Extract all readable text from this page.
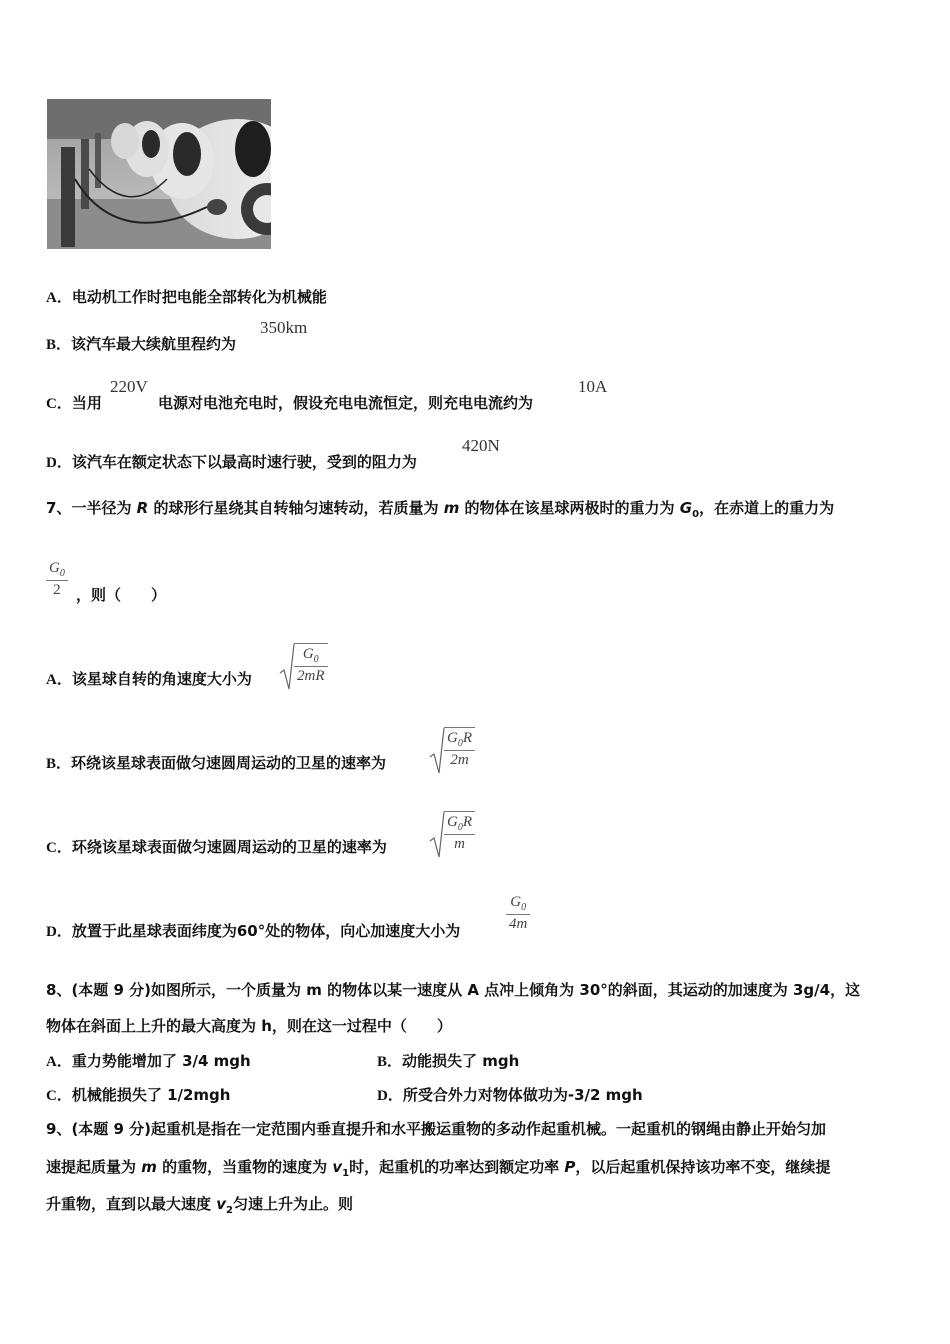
A．电动机工作时把电能全部转化为机械能
B．该汽车最大续航里程约为
350km
C．当用
220V
电源对电池充电时，假设充电电流恒定，则充电电流约为
10A
D．该汽车在额定状态下以最高时速行驶，受到的阻力为
420N
7、一半径为 R 的球形行星绕其自转轴匀速转动，若质量为 m 的物体在该星球两极时的重力为 $G_0$，在赤道上的重力为
$\frac{G_0}{2}$ ，则（　　）
A．该星球自转的角速度大小为	$\frac{G_0}{2mR}$
B．环绕该星球表面做匀速圆周运动的卫星的速率为	$\frac{G_0R}{2m}$
C．环绕该星球表面做匀速圆周运动的卫星的速率为	$\frac{G_0R}{m}$
D．放置于此星球表面纬度为60°处的物体，向心加速度大小为	$\frac{G_0}{4m}$
8、(本题 9 分)如图所示，一个质量为 m 的物体以某一速度从 A 点冲上倾角为 30°的斜面，其运动的加速度为 3g/4，这
物体在斜面上上升的最大高度为 h，则在这一过程中（　　）
A．重力势能增加了 3/4 mgh	B．动能损失了 mgh
C．机械能损失了 1/2mgh	D．所受合外力对物体做功为-3/2 mgh
9、(本题 9 分)起重机是指在一定范围内垂直提升和水平搬运重物的多动作起重机械。一起重机的钢绳由静止开始匀加
速提起质量为 m 的重物，当重物的速度为 $v_1$时，起重机的功率达到额定功率 P，以后起重机保持该功率不变，继续提
升重物，直到以最大速度 $v_2$匀速上升为止。则
